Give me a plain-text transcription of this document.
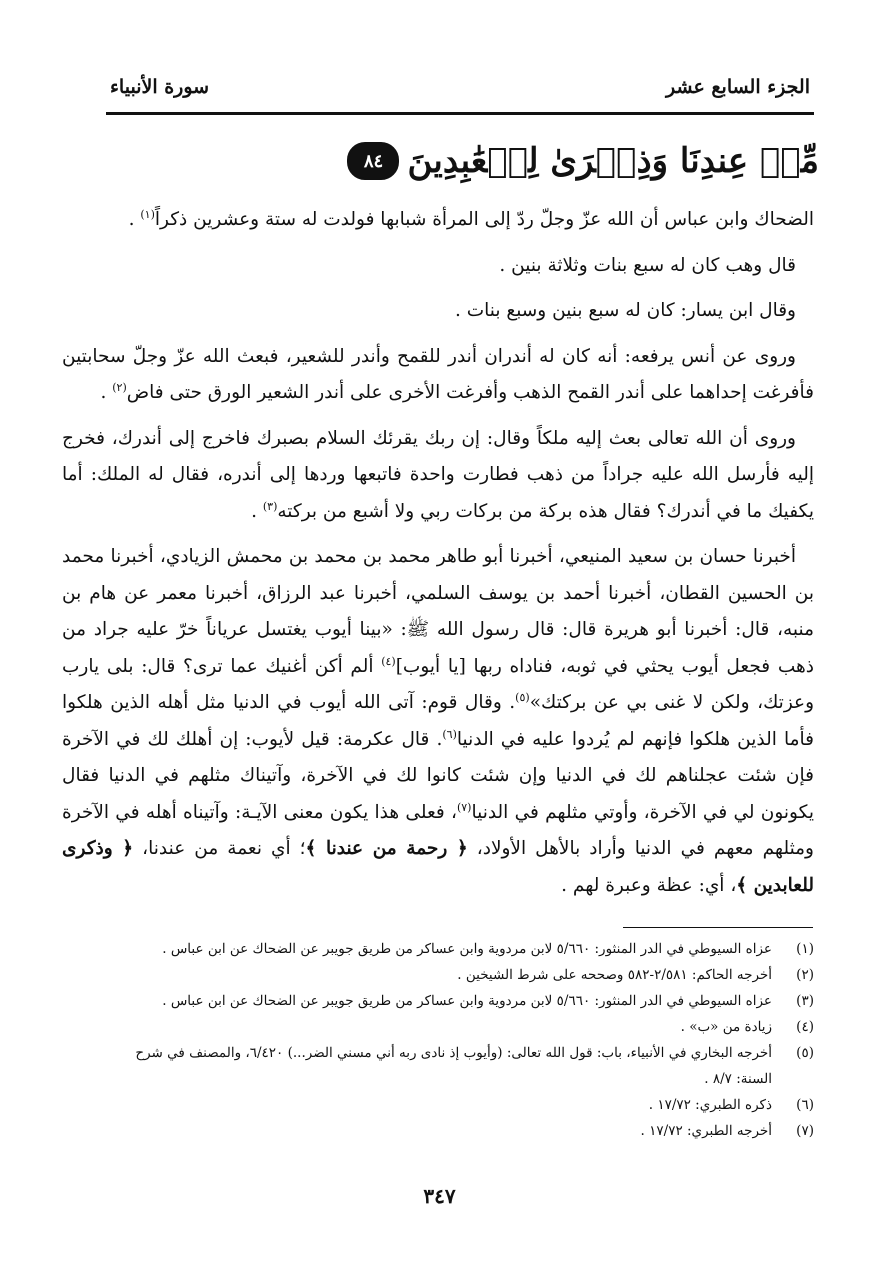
الجزء السابع عشر
سورة الأنبياء
مِّنۡ عِندِنَا وَذِكۡرَىٰ لِلۡعَٰبِدِينَ
٨٤

الضحاك وابن عباس أن الله عزّ وجلّ ردّ إلى المرأة شبابها فولدت له ستة وعشرين ذكراً$^{(١)}$ .

قال وهب كان له سبع بنات وثلاثة بنين .

وقال ابن يسار: كان له سبع بنين وسبع بنات .

وروى عن أنس يرفعه: أنه كان له أندران أندر للقمح وأندر للشعير، فبعث الله عزّ وجلّ سحابتين فأفرغت إحداهما على أندر القمح الذهب وأفرغت الأخرى على أندر الشعير الورق حتى فاض$^{(٢)}$ .

وروى أن الله تعالى بعث إليه ملكاً وقال: إن ربك يقرئك السلام بصبرك فاخرج إلى أندرك، فخرج إليه فأرسل الله عليه جراداً من ذهب فطارت واحدة فاتبعها وردها إلى أندره، فقال له الملك: أما يكفيك ما في أندرك؟ فقال هذه بركة من بركات ربي ولا أشبع من بركته$^{(٣)}$ .

أخبرنا حسان بن سعيد المنيعي، أخبرنا أبو طاهر محمد بن محمد بن محمش الزيادي، أخبرنا محمد بن الحسين القطان، أخبرنا أحمد بن يوسف السلمي، أخبرنا عبد الرزاق، أخبرنا معمر عن هام بن منبه، قال: أخبرنا أبو هريرة قال: قال رسول الله ﷺ: «بينا أيوب يغتسل عرياناً خرّ عليه جراد من ذهب فجعل أيوب يحثي في ثوبه، فناداه ربها [يا أيوب]$^{(٤)}$ ألم أكن أغنيك عما ترى؟ قال: بلى يارب وعزتك، ولكن لا غنى بي عن بركتك»$^{(٥)}$. وقال قوم: آتى الله أيوب في الدنيا مثل أهله الذين هلكوا فأما الذين هلكوا فإنهم لم يُردوا عليه في الدنيا$^{(٦)}$. قال عكرمة: قيل لأيوب: إن أهلك لك في الآخرة فإن شئت عجلناهم لك في الدنيا وإن شئت كانوا لك في الآخرة، وآتيناك مثلهم في الدنيا فقال يكونون لي في الآخرة، وأوتي مثلهم في الدنيا$^{(٧)}$، فعلى هذا يكون معنى الآيـة: وآتيناه أهله في الآخرة ومثلهم معهم في الدنيا وأراد بالأهل الأولاد، ﴿ رحمة من عندنا ﴾؛ أي نعمة من عندنا، ﴿ وذكرى للعابدين ﴾، أي: عظة وعبرة لهم .

(١)
عزاه السيوطي في الدر المنثور: ٥/٦٦٠ لابن مردوية وابن عساكر من طريق جويبر عن الضحاك عن ابن عباس .
(٢)
أخرجه الحاكم: ٢/٥٨١-٥٨٢ وصححه على شرط الشيخين .
(٣)
عزاه السيوطي في الدر المنثور: ٥/٦٦٠ لابن مردوية وابن عساكر من طريق جويبر عن الضحاك عن ابن عباس .
(٤)
زيادة من «ب» .
(٥)
أخرجه البخاري في الأنبياء، باب: قول الله تعالى: (وأيوب إذ نادى ربه أني مسني الضر...) ٦/٤٢٠، والمصنف في شرح السنة: ٨/٧ .
(٦)
ذكره الطبري: ١٧/٧٢ .
(٧)
أخرجه الطبري: ١٧/٧٢ .
٣٤٧
